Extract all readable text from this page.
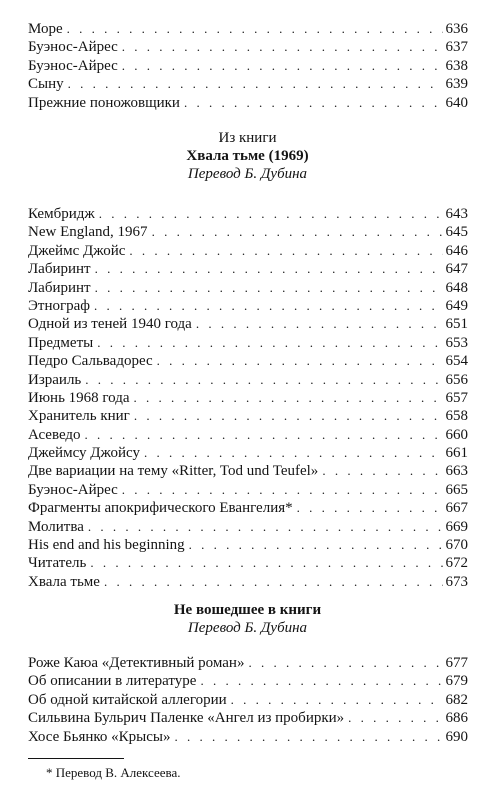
Море . . .	636
Буэнос-Айрес . . .	637
Буэнос-Айрес . . .	638
Сыну . . .	639
Прежние поножовщики . . .	640
Из книги
Хвала тьме (1969)
Перевод Б. Дубина
Кембридж . . .	643
New England, 1967 . . .	645
Джеймс Джойс . . .	646
Лабиринт . . .	647
Лабиринт . . .	648
Этнограф . . .	649
Одной из теней 1940 года . . .	651
Предметы . . .	653
Педро Сальвадорес . . .	654
Израиль . . .	656
Июнь 1968 года . . .	657
Хранитель книг . . .	658
Асеведо . . .	660
Джеймсу Джойсу . . .	661
Две вариации на тему «Ritter, Tod und Teufel» . . .	663
Буэнос-Айрес . . .	665
Фрагменты апокрифического Евангелия* . . .	667
Молитва . . .	669
His end and his beginning . . .	670
Читатель . . .	672
Хвала тьме . . .	673
Не вошедшее в книги
Перевод Б. Дубина
Роже Каюа «Детективный роман» . . .	677
Об описании в литературе . . .	679
Об одной китайской аллегории . . .	682
Сильвина Бульрич Паленке «Ангел из пробирки» . . .	686
Хосе Бьянко «Крысы» . . .	690
* Перевод В. Алексеева.
